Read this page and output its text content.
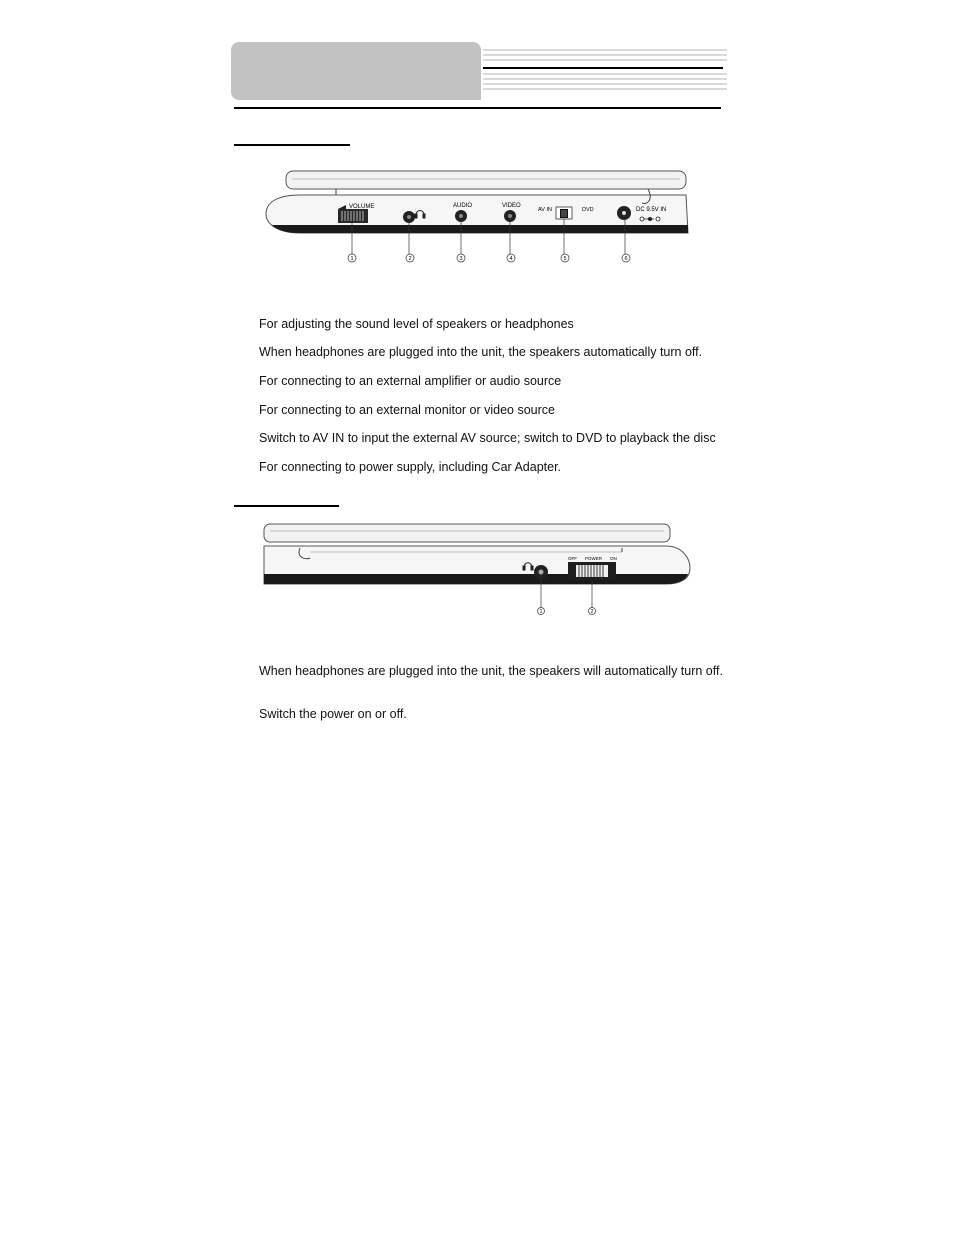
VOLUME	AUDIO	VIDEO
AV IN	DVD	DC 9.5V IN
1	2	3	4	5	6
For adjusting the sound level of speakers or headphones
When headphones are plugged into the unit, the speakers automatically turn off.
For connecting to an external amplifier or audio source
For connecting to an external monitor or video source
Switch to AV IN to input the external AV source; switch to DVD to playback the disc
For connecting to power supply, including Car Adapter.
OFF POWER ON
1	2
When headphones are plugged into the unit, the speakers will automatically turn off.
Switch the power on or off.
